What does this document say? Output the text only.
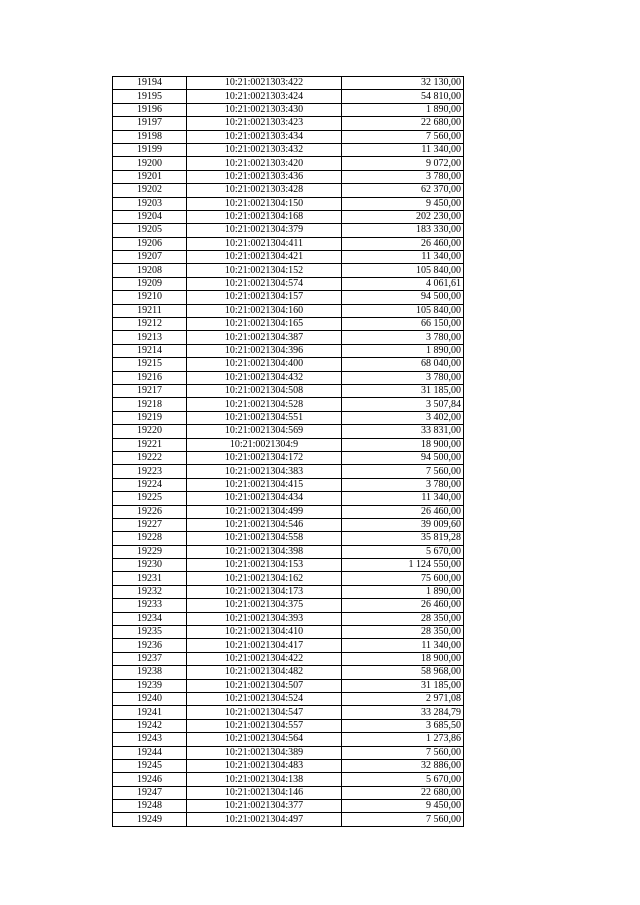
19194	10:21:0021303:422	32 130,00
19195	10:21:0021303:424	54 810,00
19196	10:21:0021303:430	1 890,00
19197	10:21:0021303:423	22 680,00
19198	10:21:0021303:434	7 560,00
19199	10:21:0021303:432	11 340,00
19200	10:21:0021303:420	9 072,00
19201	10:21:0021303:436	3 780,00
19202	10:21:0021303:428	62 370,00
19203	10:21:0021304:150	9 450,00
19204	10:21:0021304:168	202 230,00
19205	10:21:0021304:379	183 330,00
19206	10:21:0021304:411	26 460,00
19207	10:21:0021304:421	11 340,00
19208	10:21:0021304:152	105 840,00
19209	10:21:0021304:574	4 061,61
19210	10:21:0021304:157	94 500,00
19211	10:21:0021304:160	105 840,00
19212	10:21:0021304:165	66 150,00
19213	10:21:0021304:387	3 780,00
19214	10:21:0021304:396	1 890,00
19215	10:21:0021304:400	68 040,00
19216	10:21:0021304:432	3 780,00
19217	10:21:0021304:508	31 185,00
19218	10:21:0021304:528	3 507,84
19219	10:21:0021304:551	3 402,00
19220	10:21:0021304:569	33 831,00
19221	10:21:0021304:9	18 900,00
19222	10:21:0021304:172	94 500,00
19223	10:21:0021304:383	7 560,00
19224	10:21:0021304:415	3 780,00
19225	10:21:0021304:434	11 340,00
19226	10:21:0021304:499	26 460,00
19227	10:21:0021304:546	39 009,60
19228	10:21:0021304:558	35 819,28
19229	10:21:0021304:398	5 670,00
19230	10:21:0021304:153	1 124 550,00
19231	10:21:0021304:162	75 600,00
19232	10:21:0021304:173	1 890,00
19233	10:21:0021304:375	26 460,00
19234	10:21:0021304:393	28 350,00
19235	10:21:0021304:410	28 350,00
19236	10:21:0021304:417	11 340,00
19237	10:21:0021304:422	18 900,00
19238	10:21:0021304:482	58 968,00
19239	10:21:0021304:507	31 185,00
19240	10:21:0021304:524	2 971,08
19241	10:21:0021304:547	33 284,79
19242	10:21:0021304:557	3 685,50
19243	10:21:0021304:564	1 273,86
19244	10:21:0021304:389	7 560,00
19245	10:21:0021304:483	32 886,00
19246	10:21:0021304:138	5 670,00
19247	10:21:0021304:146	22 680,00
19248	10:21:0021304:377	9 450,00
19249	10:21:0021304:497	7 560,00
